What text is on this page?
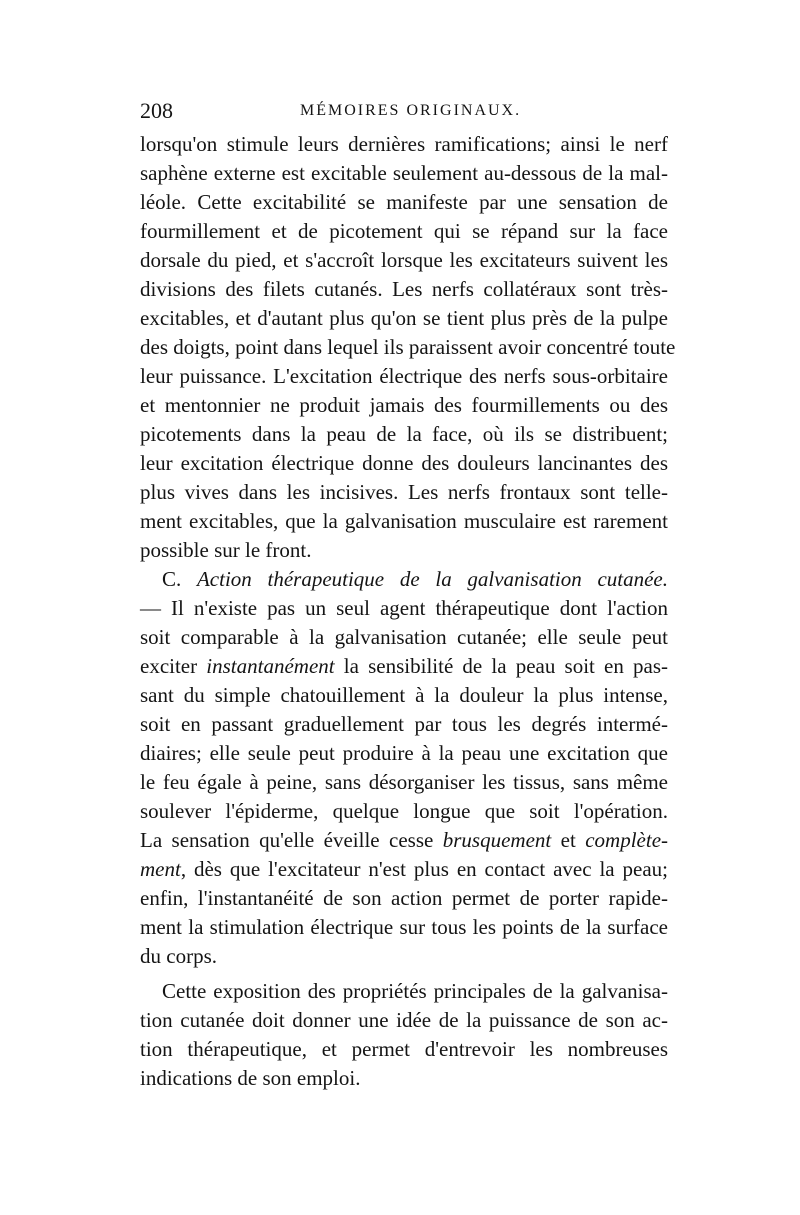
208	MÉMOIRES ORIGINAUX.
lorsqu'on stimule leurs dernières ramifications; ainsi le nerf
saphène externe est excitable seulement au-dessous de la mal-
léole. Cette excitabilité se manifeste par une sensation de
fourmillement et de picotement qui se répand sur la face
dorsale du pied, et s'accroît lorsque les excitateurs suivent les
divisions des filets cutanés. Les nerfs collatéraux sont très-
excitables, et d'autant plus qu'on se tient plus près de la pulpe
des doigts, point dans lequel ils paraissent avoir concentré toute
leur puissance. L'excitation électrique des nerfs sous-orbitaire
et mentonnier ne produit jamais des fourmillements ou des
picotements dans la peau de la face, où ils se distribuent;
leur excitation électrique donne des douleurs lancinantes des
plus vives dans les incisives. Les nerfs frontaux sont telle-
ment excitables, que la galvanisation musculaire est rarement
possible sur le front.
C. Action thérapeutique de la galvanisation cutanée.
— Il n'existe pas un seul agent thérapeutique dont l'action
soit comparable à la galvanisation cutanée; elle seule peut
exciter instantanément la sensibilité de la peau soit en pas-
sant du simple chatouillement à la douleur la plus intense,
soit en passant graduellement par tous les degrés intermé-
diaires; elle seule peut produire à la peau une excitation que
le feu égale à peine, sans désorganiser les tissus, sans même
soulever l'épiderme, quelque longue que soit l'opération.
La sensation qu'elle éveille cesse brusquement et complète-
ment, dès que l'excitateur n'est plus en contact avec la peau;
enfin, l'instantanéité de son action permet de porter rapide-
ment la stimulation électrique sur tous les points de la surface
du corps.
Cette exposition des propriétés principales de la galvanisa-
tion cutanée doit donner une idée de la puissance de son ac-
tion thérapeutique, et permet d'entrevoir les nombreuses
indications de son emploi.
